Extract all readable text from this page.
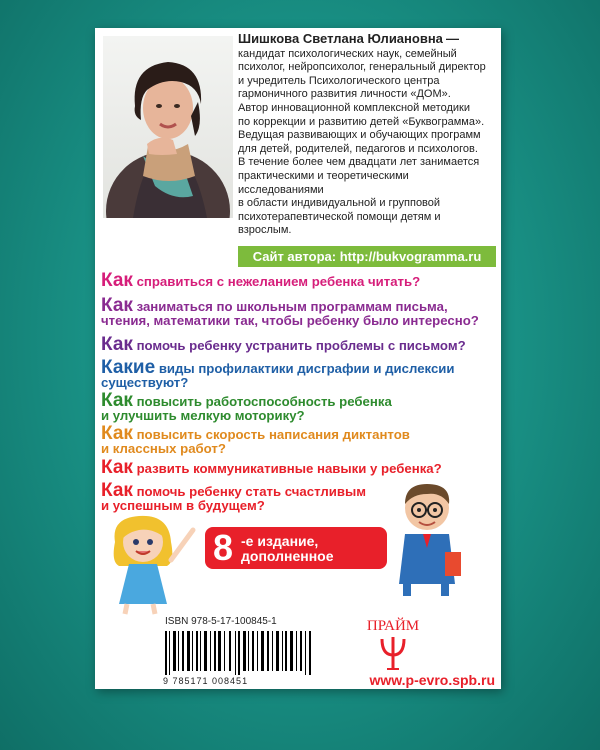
Шишкова Светлана Юлиановна —

кандидат психологических наук, семейный

психолог, нейропсихолог, генеральный директор

и учредитель Психологического центра

гармоничного развития личности «ДОМ».

Автор инновационной комплексной методики

по коррекции и развитию детей «Буквограмма».

Ведущая развивающих и обучающих программ

для детей, родителей, педагогов и психологов.

В течение более чем двадцати лет занимается

практическими и теоретическими исследованиями

в области индивидуальной и групповой

психотерапевтической помощи детям и взрослым.

Сайт автора: http://bukvogramma.ru
Как справиться с нежеланием ребенка читать?
Как заниматься по школьным программам письма,
чтения, математики так, чтобы ребенку было интересно?
Как помочь ребенку устранить проблемы с письмом?
Какие виды профилактики дисграфии и дислексии
существуют?
Как повысить работоспособность ребенка
и улучшить мелкую моторику?
Как повысить скорость написания диктантов
и классных работ?
Как развить коммуникативные навыки у ребенка?
Как помочь ребенку стать счастливым
и успешным в будущем?
8 -е издание,
дополненное
ISBN 978-5-17-100845-1
9 785171 008451
ПРАЙМ
www.p-evro.spb.ru
